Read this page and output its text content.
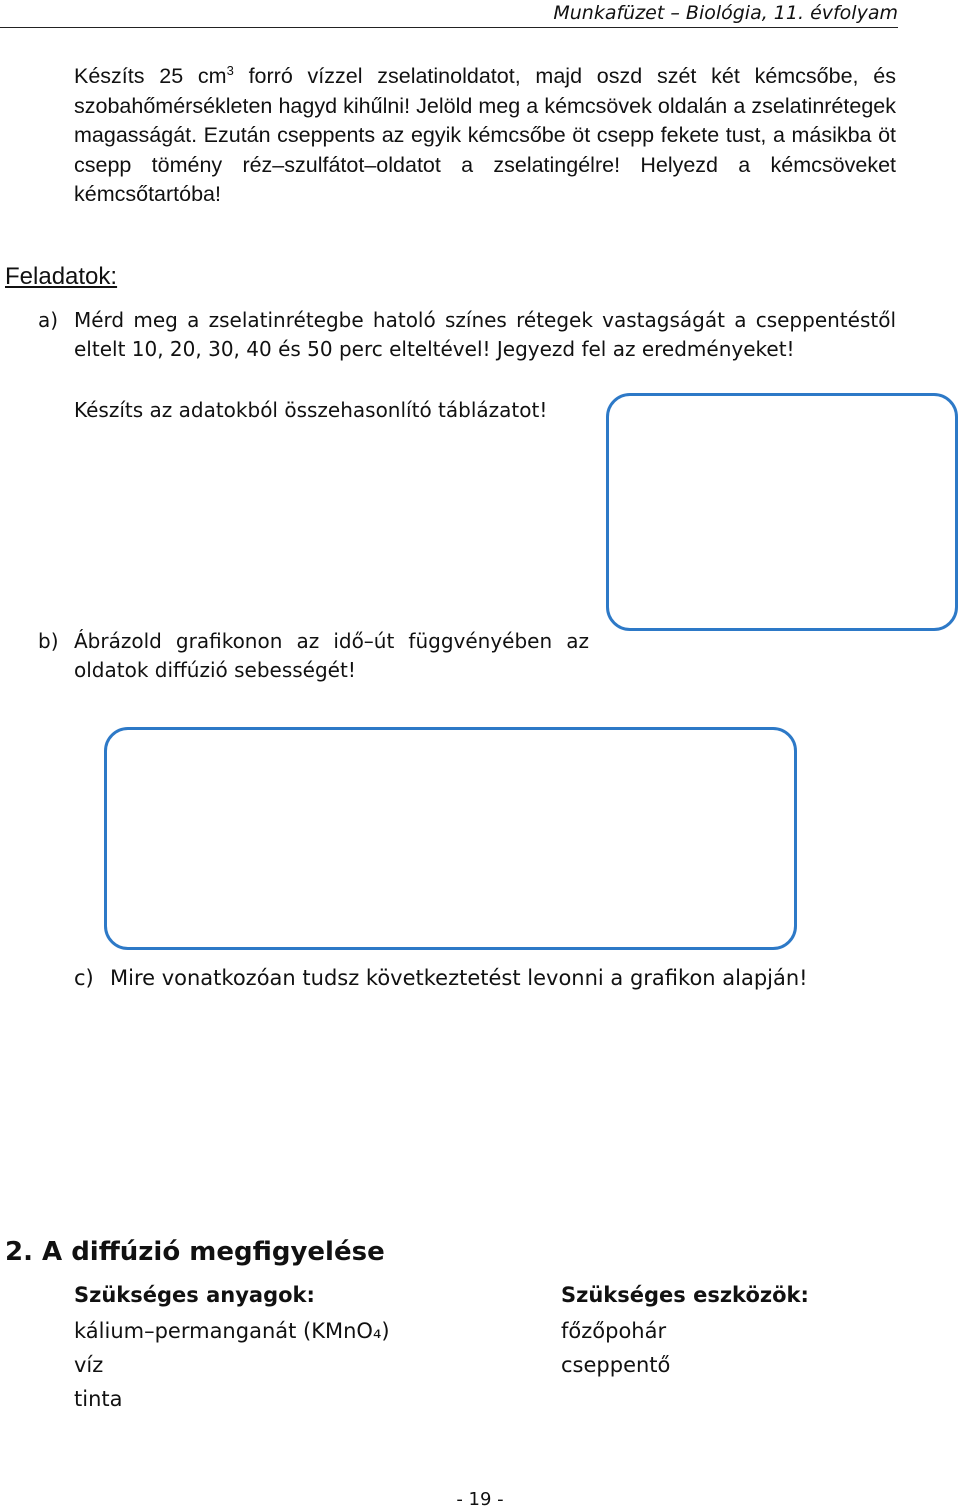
Munkafüzet – Biológia, 11. évfolyam
Készíts 25 $cm^3$ forró vízzel zselatinoldatot, majd oszd szét két kémcsőbe, és szobahőmérsékleten hagyd kihűlni! Jelöld meg a kémcsövek oldalán a zselatinrétegek magasságát. Ezután cseppents az egyik kémcsőbe öt csepp fekete tust, a másikba öt csepp tömény réz–szulfátot–oldatot a zselatingélre! Helyezd a kémcsöveket kémcsőtartóba!
Feladatok:
a) Mérd meg a zselatinrétegbe hatoló színes rétegek vastagságát a cseppentéstől eltelt 10, 20, 30, 40 és 50 perc elteltével! Jegyezd fel az eredményeket!
Készíts az adatokból összehasonlító táblázatot!
b) Ábrázold grafikonon az idő–út függvényében az oldatok diffúzió sebességét!
c) Mire vonatkozóan tudsz következtetést levonni a grafikon alapján!
2. A diffúzió megfigyelése
Szükséges anyagok:
kálium–permanganát (KMnO₄)
víz
tinta
Szükséges eszközök:
főzőpohár
cseppentő
- 19 -
